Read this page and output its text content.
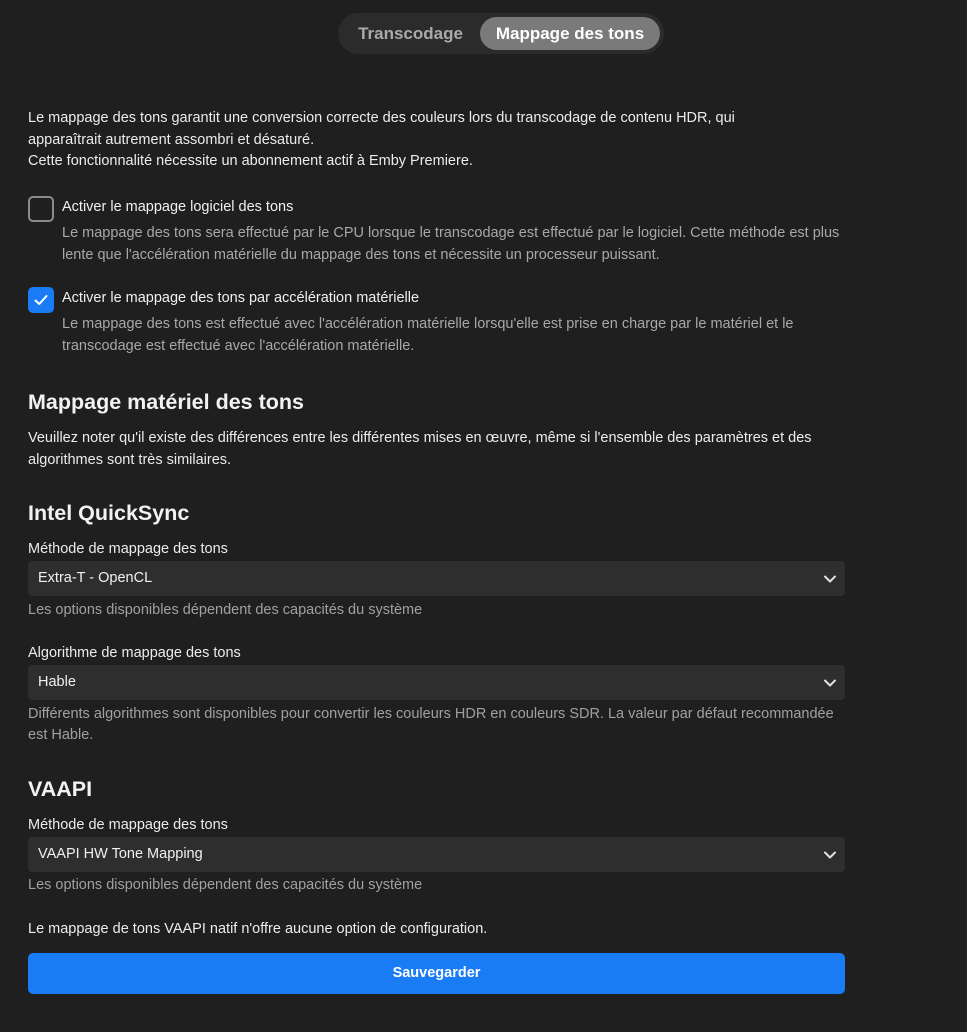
Transcodage	Mappage des tons

Le mappage des tons garantit une conversion correcte des couleurs lors du transcodage de contenu HDR, qui apparaîtrait autrement assombri et désaturé.

Cette fonctionnalité nécessite un abonnement actif à Emby Premiere.

Activer le mappage logiciel des tons
Le mappage des tons sera effectué par le CPU lorsque le transcodage est effectué par le logiciel. Cette méthode est plus lente que l'accélération matérielle du mappage des tons et nécessite un processeur puissant.
Activer le mappage des tons par accélération matérielle
Le mappage des tons est effectué avec l'accélération matérielle lorsqu'elle est prise en charge par le matériel et le transcodage est effectué avec l'accélération matérielle.
Mappage matériel des tons
Veuillez noter qu'il existe des différences entre les différentes mises en œuvre, même si l'ensemble des paramètres et des algorithmes sont très similaires.
Intel QuickSync
Méthode de mappage des tons
Extra-T - OpenCL
Les options disponibles dépendent des capacités du système
Algorithme de mappage des tons
Hable
Différents algorithmes sont disponibles pour convertir les couleurs HDR en couleurs SDR. La valeur par défaut recommandée est Hable.
VAAPI
Méthode de mappage des tons
VAAPI HW Tone Mapping
Les options disponibles dépendent des capacités du système
Le mappage de tons VAAPI natif n'offre aucune option de configuration.
Sauvegarder
